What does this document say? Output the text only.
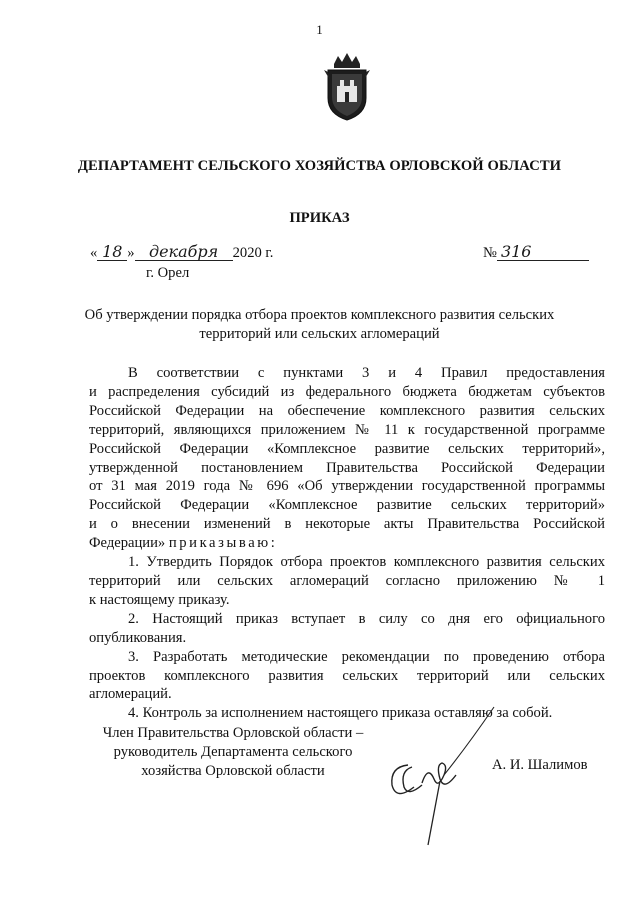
1
ДЕПАРТАМЕНТ СЕЛЬСКОГО ХОЗЯЙСТВА ОРЛОВСКОЙ ОБЛАСТИ
ПРИКАЗ
« 18 » декабря 2020 г.
г. Орел
№ 316
Об утверждении порядка отбора проектов комплексного развития сельских
территорий или сельских агломераций

В соответствии с пунктами 3 и 4 Правил предоставления

и распределения субсидий из федерального бюджета бюджетам субъектов

Российской Федерации на обеспечение комплексного развития сельских

территорий, являющихся приложением № 11 к государственной программе

Российской Федерации «Комплексное развитие сельских территорий»,

утвержденной постановлением Правительства Российской Федерации

от 31 мая 2019 года № 696 «Об утверждении государственной программы

Российской Федерации «Комплексное развитие сельских территорий»

и о внесении изменений в некоторые акты Правительства Российской

Федерации» приказываю:

1. Утвердить Порядок отбора проектов комплексного развития сельских

территорий или сельских агломераций согласно приложению № 1

к настоящему приказу.

2. Настоящий приказ вступает в силу со дня его официального

опубликования.

3. Разработать методические рекомендации по проведению отбора

проектов комплексного развития сельских территорий или сельских

агломераций.

4. Контроль за исполнением настоящего приказа оставляю за собой.

Член Правительства Орловской области –
руководитель Департамента сельского
хозяйства Орловской области	А. И. Шалимов
